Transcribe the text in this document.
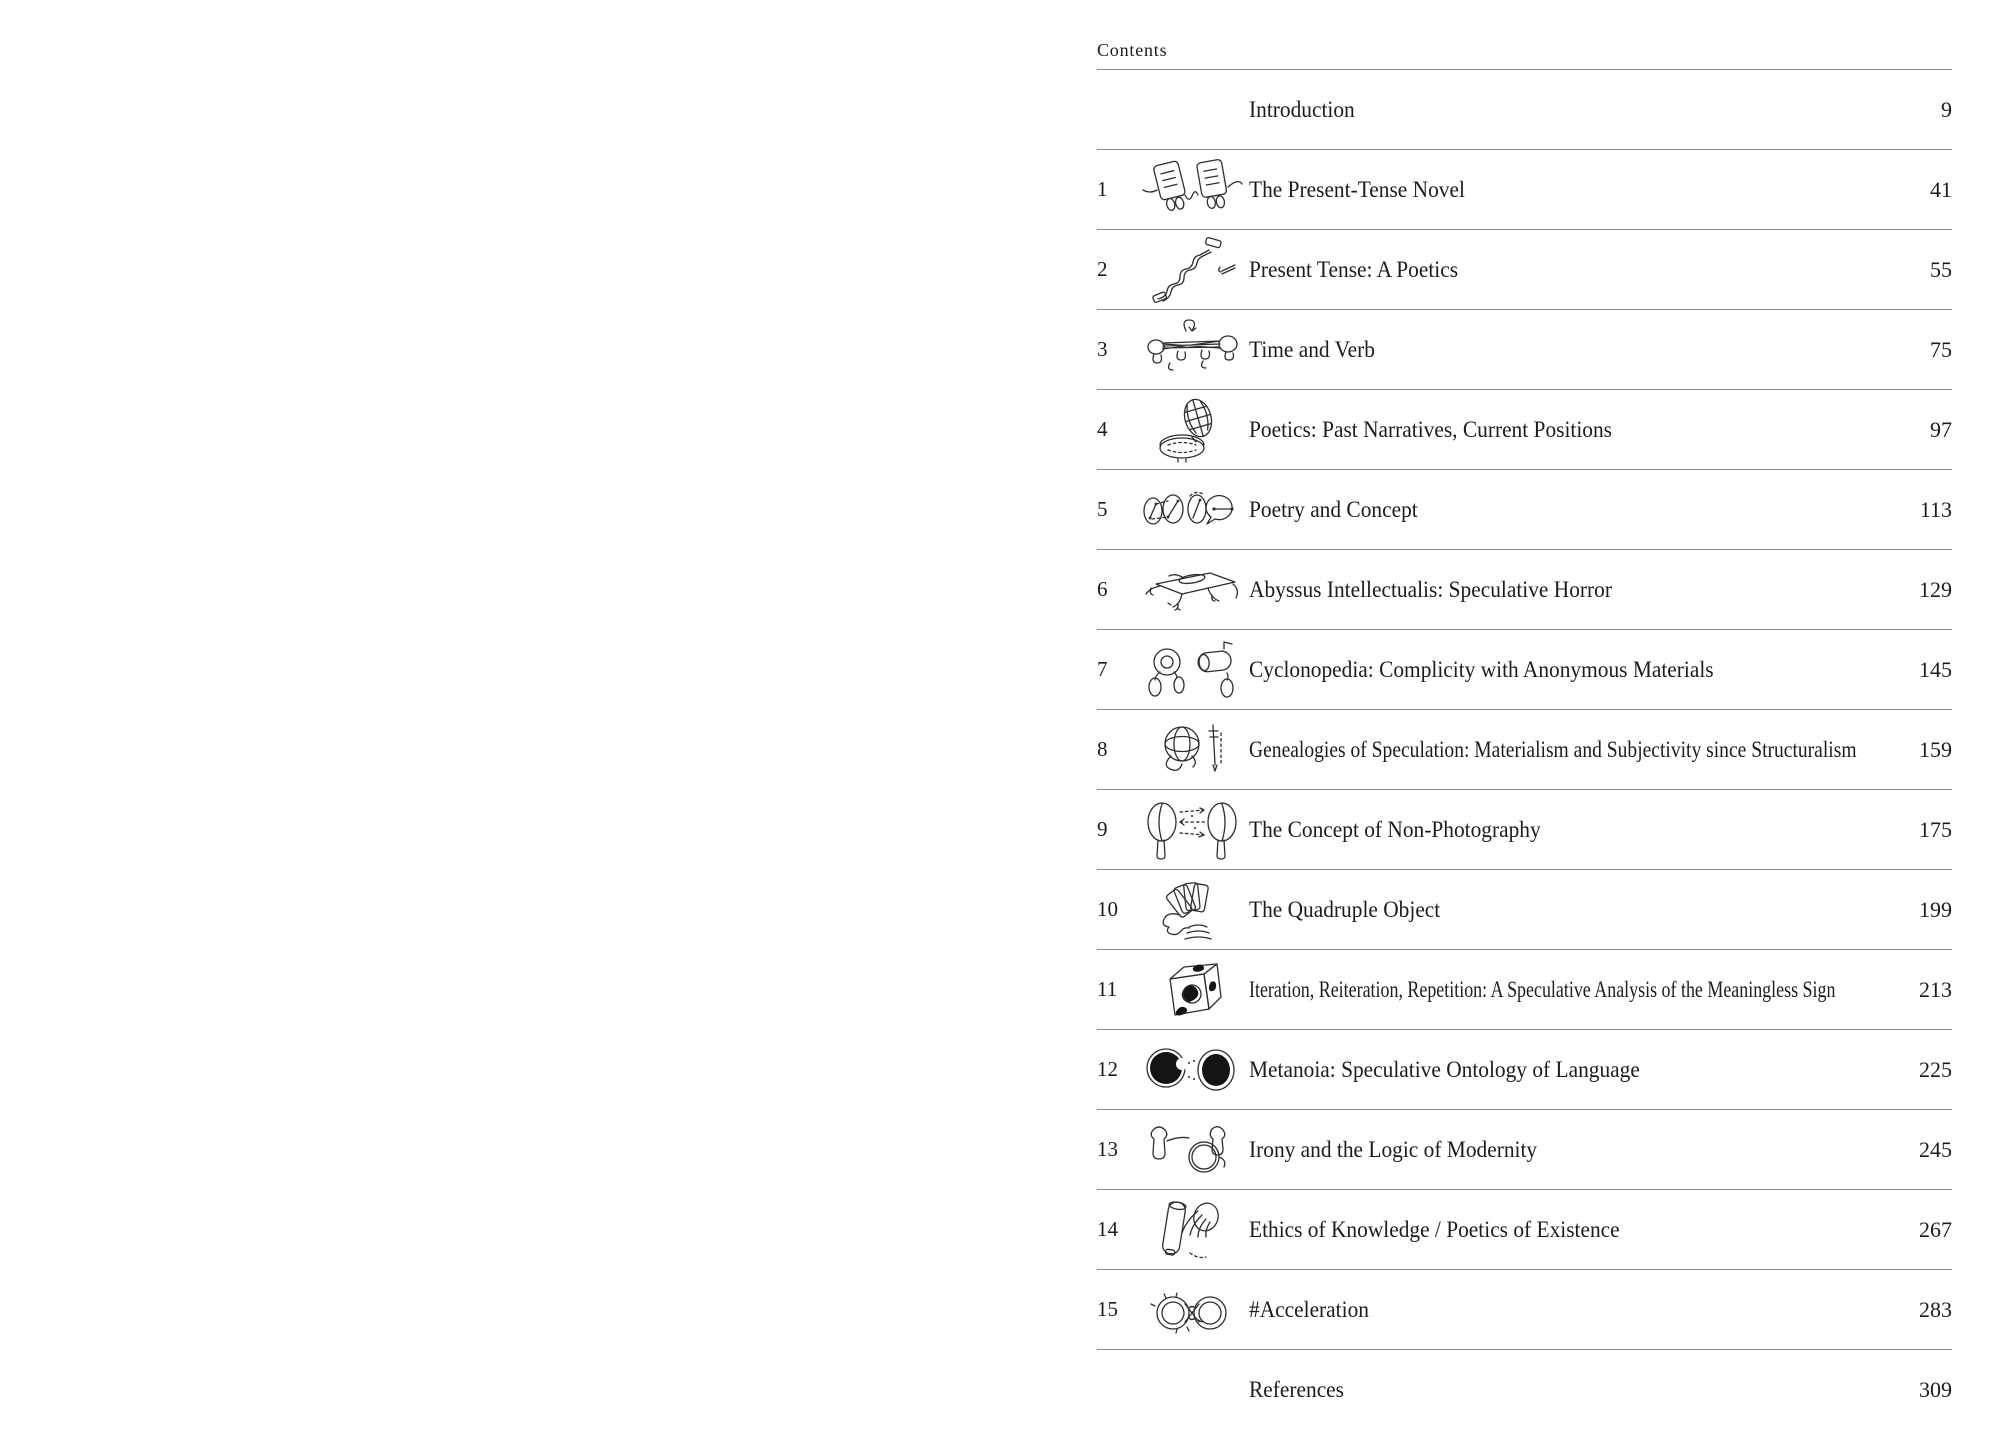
Contents
Introduction	9
1	The Present-Tense Novel	41
2	Present Tense: A Poetics	55
3	Time and Verb	75
4	Poetics: Past Narratives, Current Positions	97
5	Poetry and Concept	113
6	Abyssus Intellectualis: Speculative Horror	129
7	Cyclonopedia: Complicity with Anonymous Materials	145
8	Genealogies of Speculation: Materialism and Subjectivity since Structuralism	159
9	The Concept of Non-Photography	175
10	The Quadruple Object	199
11	Iteration, Reiteration, Repetition: A Speculative Analysis of the Meaningless Sign	213
12	Metanoia: Speculative Ontology of Language	225
13	Irony and the Logic of Modernity	245
14	Ethics of Knowledge / Poetics of Existence	267
15	#Acceleration	283
References	309
